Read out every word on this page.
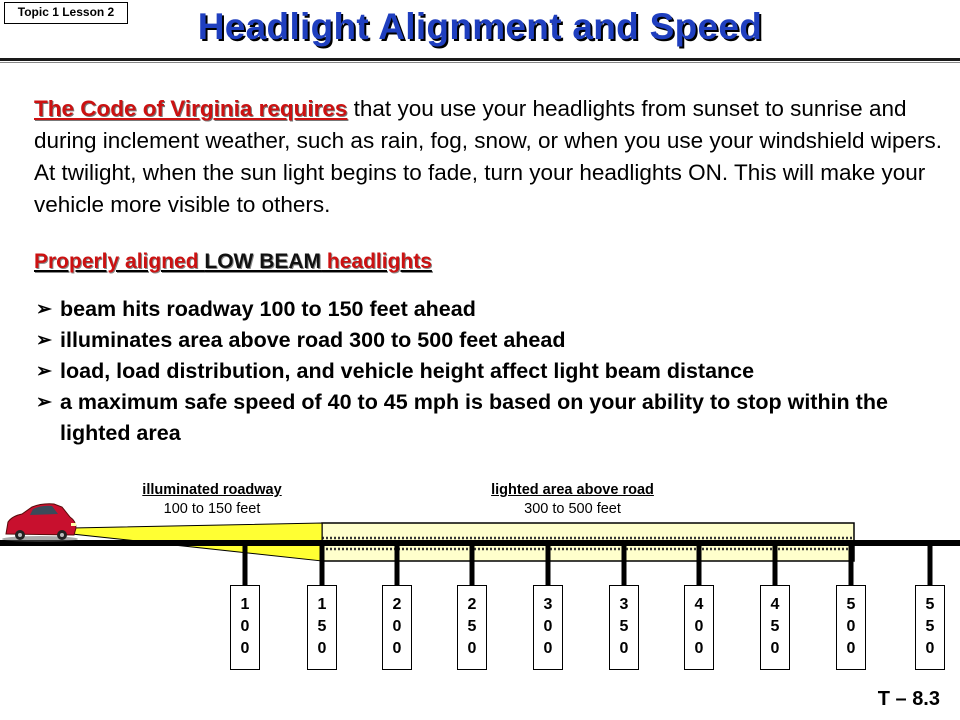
Topic 1 Lesson 2	Headlight Alignment and Speed
The Code of Virginia requires that you use your headlights from sunset to sunrise and during inclement weather, such as rain, fog, snow, or when you use your windshield wipers. At twilight, when the sun light begins to fade, turn your headlights ON. This will make your vehicle more visible to others.
Properly aligned LOW BEAM headlights
➢ beam hits roadway 100 to 150 feet ahead
➢ illuminates area above road 300 to 500 feet ahead
➢ load, load distribution, and vehicle height affect light beam distance
➢ a maximum safe speed of 40 to 45 mph is based on your ability to stop within the lighted area
illuminated roadway
100 to 150 feet
lighted area above road
300 to 500 feet
1
0
0
1
5
0
2
0
0
2
5
0
3
0
0
3
5
0
4
0
0
4
5
0
5
0
0
5
5
0
T – 8.3
